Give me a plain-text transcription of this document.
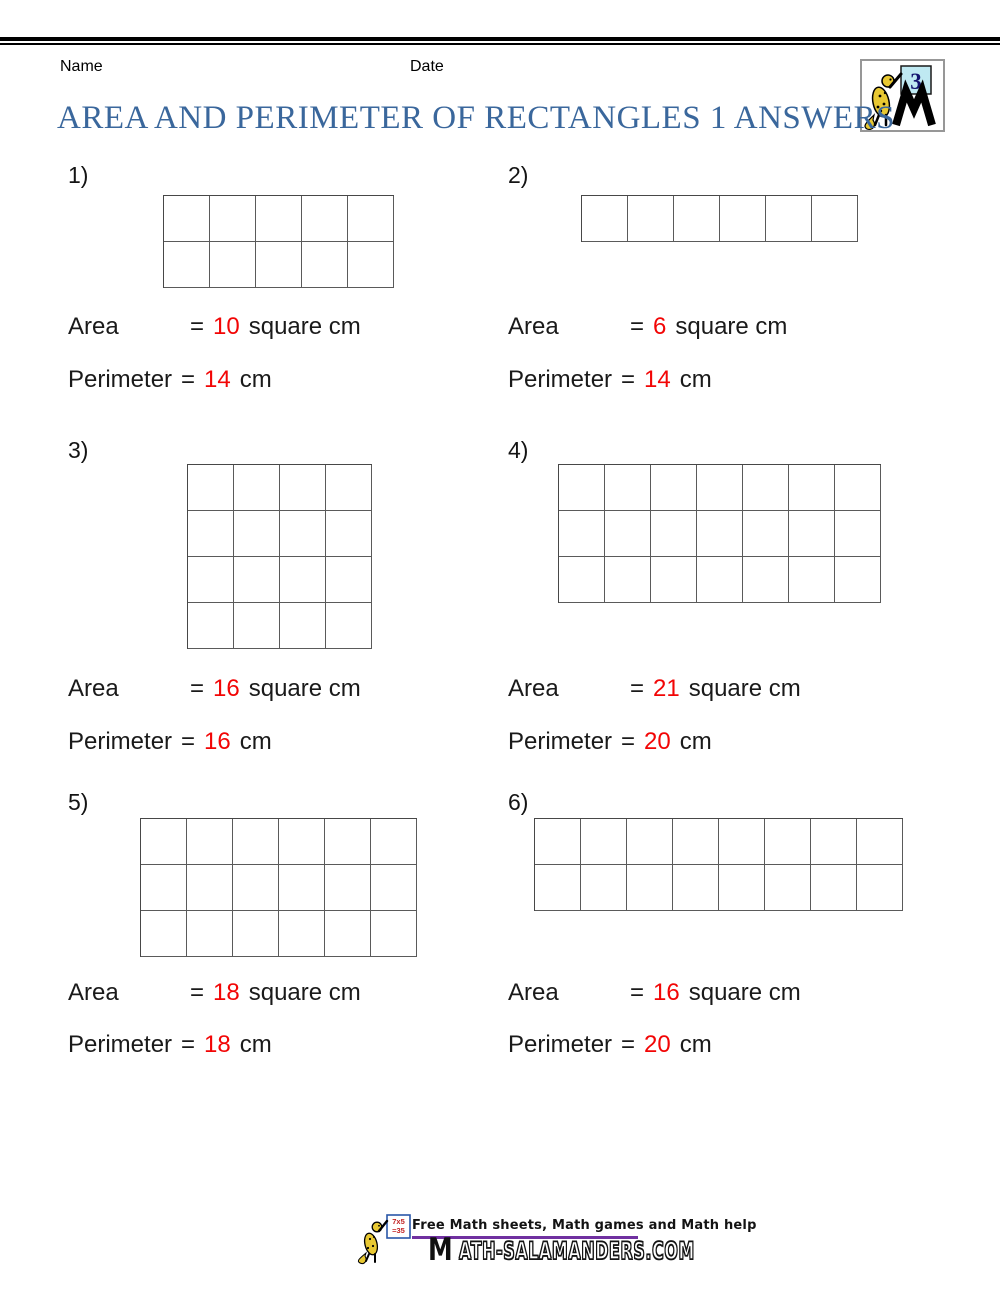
Name	Date
3
AREA AND PERIMETER OF RECTANGLES 1 ANSWERS
1)
Area	= 10 square cm
Perimeter = 14 cm
2)
Area	= 6 square cm
Perimeter = 14 cm
3)
Area	= 16 square cm
Perimeter = 16 cm
4)
Area	= 21 square cm
Perimeter = 20 cm
5)
Area	= 18 square cm
Perimeter = 18 cm
6)
Area	= 16 square cm
Perimeter = 20 cm
7x5
=35 Free Math sheets, Math games and Math help
M ATH-SALAMANDERS.COM
